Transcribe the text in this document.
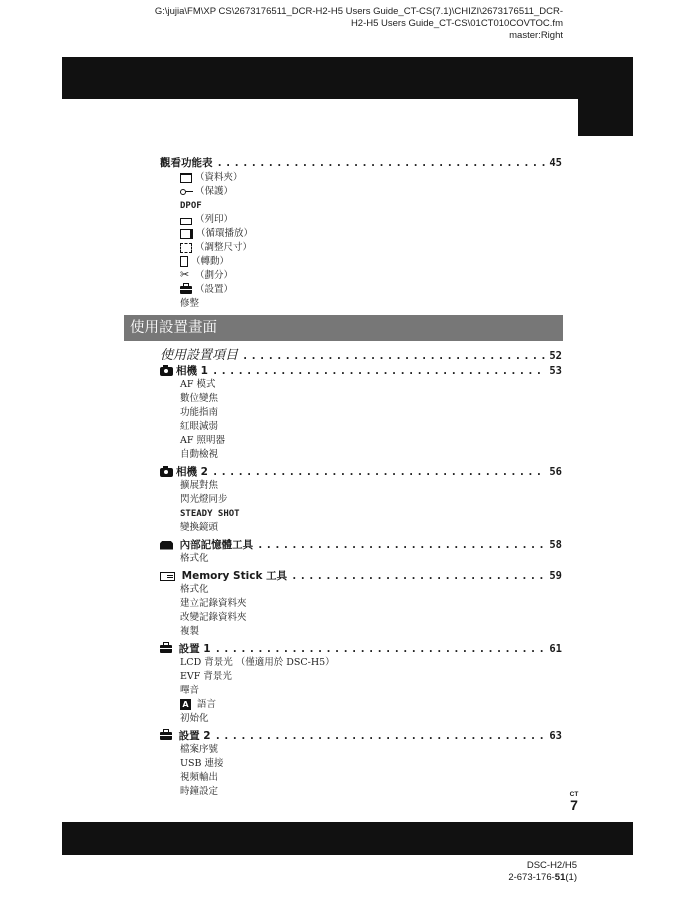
G:\jujia\FM\XP CS\2673176511_DCR-H2-H5 Users Guide_CT-CS(7.1)\CHIZI\2673176511_DCR-
H2-H5 Users Guide_CT-CS\01CT010COVTOC.fm
master:Right
觀看功能表 .....	45
（資料夾）
（保護）
DPOF
（列印）
（循環播放）
（調整尺寸）
（轉動）
✂（劃分）
（設置）
修整
使用設置畫面
使用設置項目 .....	52
相機 1 .....	53
AF 模式
數位變焦
功能指南
紅眼減弱
AF 照明器
自動檢視
相機 2 .....	56
擴展對焦
閃光燈同步
STEADY SHOT
變換鏡頭
內部記憶體工具 .....	58
格式化
Memory Stick 工具 .....	59
格式化
建立記錄資料夾
改變記錄資料夾
複製
設置 1 .....	61
LCD 背景光 （僅適用於 DSC-H5）
EVF 背景光
嗶音
A 語言
初始化
設置 2 .....	63
檔案序號
USB 連接
視頻輸出
時鐘設定	CT
7
DSC-H2/H5
2-673-176-51(1)
